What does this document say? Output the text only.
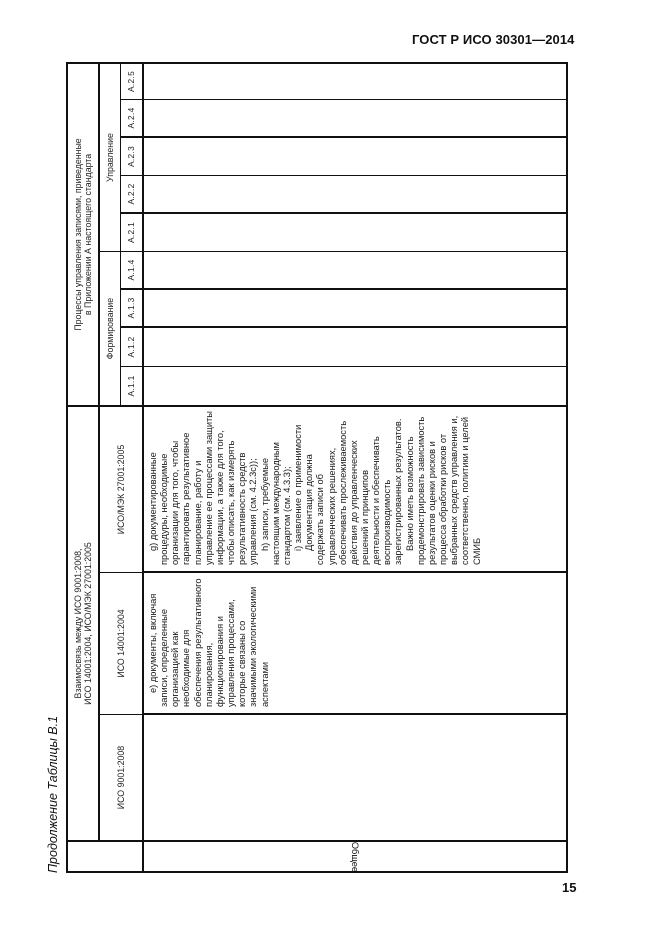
ГОСТ Р ИСО 30301—2014
Продолжение Таблицы В.1
Взаимосвязь между ИСО 9001:2008, ИСО 14001:2004, ИСО/МЭК 27001:2005
Процессы управления записями, приведенные в Приложении А настоящего стандарта
ИСО 9001:2008
ИСО 14001:2004
ИСО/МЭК 27001:2005
Формирование
Управление
А.1.1
А.1.2
А.1.3
А.1.4
А.2.1
А.2.2
А.2.3
А.2.4
А.2.5
Общее

е) документы, включая записи, определенные организацией как необходимые для обеспечения результативного планирования, функционирования и управления процессами, которые связаны со значимыми экологическими аспектами

g) документированные процедуры, необходимые организации для того, чтобы гарантировать результативное планирование, работу и управление ее процессами защиты информации, а также для того, чтобы описать, как измерять результативность средств управления (см. 4.2.3с)); h) записи, требуемые настоящим международным стандартом (см. 4.3.3); i) заявление о применимости Документация должна содержать записи об управленческих решениях, обеспечивать прослеживаемость действия до управленческих решений и принципов деятельности и обеспечивать воспроизводимость зарегистрированных результатов. Важно иметь возможность продемонстрировать зависимость результатов оценки рисков и процесса обработки рисков от выбранных средств управления и, соответственно, политики и целей СМИБ

15
